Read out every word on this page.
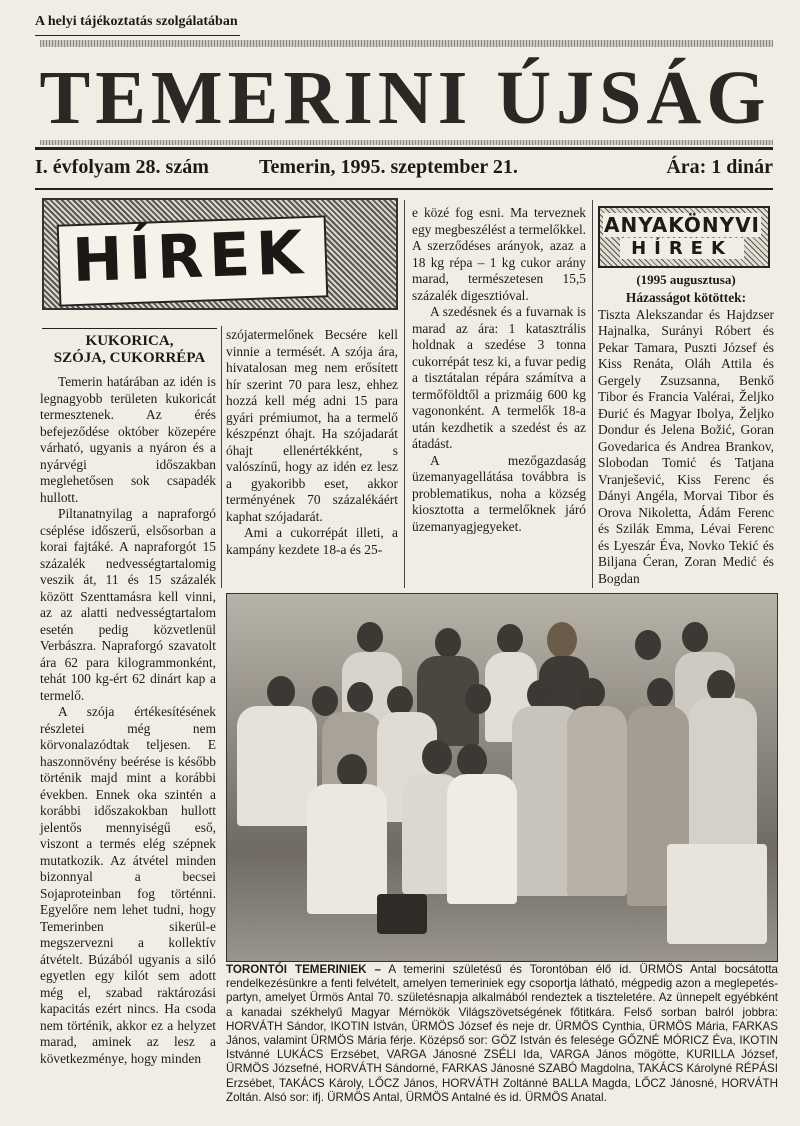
A helyi tájékoztatás szolgálatában
TEMERINI ÚJSÁG
I. évfolyam 28. szám	Temerin, 1995. szeptember 21.	Ára: 1 dinár
HÍREK
KUKORICA,
SZÓJA, CUKORRÉPA

Temerin határában az idén is legnagyobb területen kukoricát termesztenek. Az érés befejeződése október közepére várható, ugyanis a nyáron és a nyárvégi időszakban meglehetősen sok csapadék hullott.

Piltanatnyilag a napraforgó cséplése időszerű, elsősorban a korai fajtáké. A napraforgót 15 százalék nedvességtartalomig veszik át, 11 és 15 százalék között Szenttamásra kell vinni, az az alatti nedvességtartalom esetén pedig közvetlenül Verbászra. Napraforgó szavatolt ára 62 para kilogrammonként, tehát 100 kg-ért 62 dinárt kap a termelő.

A szója értékesítésének részletei még nem körvonalazódtak teljesen. E haszonnövény beérése is később történik majd mint a korábbi években. Ennek oka szintén a korábbi időszakokban hullott jelentős mennyiségű eső, viszont a termés elég szépnek mutatkozik. Az átvétel minden bizonnyal a becsei Sojaproteinban fog történni. Egyelőre nem lehet tudni, hogy Temerinben sikerül-e megszervezni a kollektív átvételt. Búzából ugyanis a siló egyetlen egy kilót sem adott még el, szabad raktározási kapacitás ezért nincs. Ha csoda nem történik, akkor ez a helyzet marad, aminek az lesz a következménye, hogy minden

szójatermelőnek Becsére kell vinnie a termését. A szója ára, hivatalosan meg nem erősített hír szerint 70 para lesz, ehhez hozzá kell még adni 15 para gyári prémiumot, ha a termelő készpénzt óhajt. Ha szójadarát óhajt ellenértékként, s valószínű, hogy az idén ez lesz a gyakoribb eset, akkor terményének 70 százalékáért kaphat szójadarát.

Ami a cukorrépát illeti, a kampány kezdete 18-a és 25-

e közé fog esni. Ma terveznek egy megbeszélést a termelőkkel. A szerződéses arányok, azaz a 18 kg répa – 1 kg cukor arány marad, természetesen 15,5 százalék digesztióval.

A szedésnek és a fuvarnak is marad az ára: 1 katasztrális holdnak a szedése 3 tonna cukorrépát tesz ki, a fuvar pedig a tisztátalan répára számítva a termőföldtől a prizmáig 600 kg vagononként. A termelők 18-a után kezdhetik a szedést és az átadást.

A mezőgazdaság üzemanyagellátása továbbra is problematikus, noha a község kiosztotta a termelőknek járó üzemanyagjegyeket.

ANYAKÖNYVI
HÍREK
(1995 augusztusa)
Házasságot kötöttek:
Tiszta Alekszandar és Hajdzser Hajnalka, Surányi Róbert és Pekar Tamara, Puszti József és Kiss Renáta, Oláh Attila és Gergely Zsuzsanna, Benkő Tibor és Francia Valérai, Željko Đurić és Magyar Ibolya, Željko Dondur és Jelena Božić, Goran Govedarica és Andrea Brankov, Slobodan Tomić és Tatjana Vranješević, Kiss Ferenc és Dányi Angéla, Morvai Tibor és Orova Nikoletta, Ádám Ferenc és Szilák Emma, Lévai Ferenc és Lyeszár Éva, Novko Tekić és Biljana Ćeran, Zoran Medić és Bogdan
TORONTÓI TEMERINIEK – A temerini születésű és Torontóban élő id. ÜRMÖS Antal bocsátotta rendelkezésünkre a fenti felvételt, amelyen temeriniek egy csoportja látható, mégpedig azon a meglepetés-partyn, amelyet Ürmös Antal 70. születésnapja alkalmából rendeztek a tiszteletére. Az ünnepelt egyébként a kanadai székhelyű Magyar Mérnökök Világszövetségének főtitkára. Felső sorban balról jobbra: HORVÁTH Sándor, IKOTIN István, ÜRMÖS József és neje dr. ÜRMÖS Cynthia, ÜRMÖS Mária, FARKAS János, valamint ÜRMÖS Mária férje. Középső sor: GÖZ István és felesége GŐZNÉ MÓRICZ Éva, IKOTIN Istvánné LUKÁCS Erzsébet, VARGA Jánosné ZSÉLI Ida, VARGA János mögötte, KURILLA József, ÜRMÖS Józsefné, HORVÁTH Sándorné, FARKAS Jánosné SZABÓ Magdolna, TAKÁCS Károlyné RÉPÁSI Erzsébet, TAKÁCS Károly, LŐCZ János, HORVÁTH Zoltánné BALLA Magda, LŐCZ Jánosné, HORVÁTH Zoltán. Alsó sor: ifj. ÜRMÖS Antal, ÜRMÖS Antalné és id. ÜRMÖS Anatal.
